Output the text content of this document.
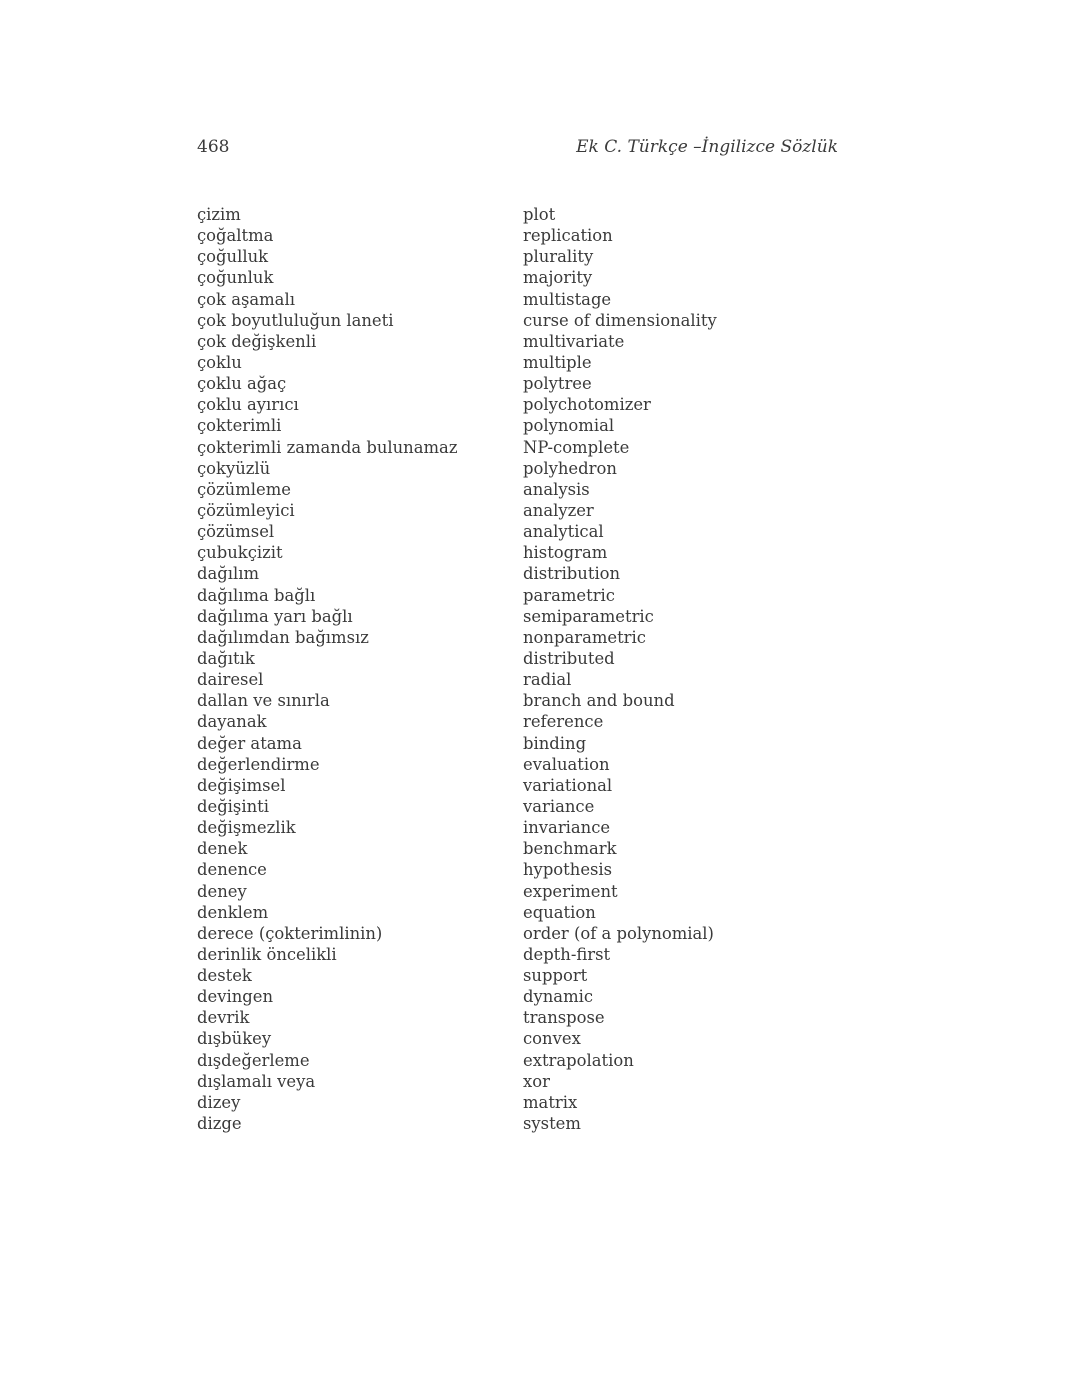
468	Ek C. Türkçe –İngilizce Sözlük
çizim	plot
çoğaltma	replication
çoğulluk	plurality
çoğunluk	majority
çok aşamalı	multistage
çok boyutluluğun laneti	curse of dimensionality
çok değişkenli	multivariate
çoklu	multiple
çoklu ağaç	polytree
çoklu ayırıcı	polychotomizer
çokterimli	polynomial
çokterimli zamanda bulunamaz	NP-complete
çokyüzlü	polyhedron
çözümleme	analysis
çözümleyici	analyzer
çözümsel	analytical
çubukçizit	histogram
dağılım	distribution
dağılıma bağlı	parametric
dağılıma yarı bağlı	semiparametric
dağılımdan bağımsız	nonparametric
dağıtık	distributed
dairesel	radial
dallan ve sınırla	branch and bound
dayanak	reference
değer atama	binding
değerlendirme	evaluation
değişimsel	variational
değişinti	variance
değişmezlik	invariance
denek	benchmark
denence	hypothesis
deney	experiment
denklem	equation
derece (çokterimlinin)	order (of a polynomial)
derinlik öncelikli	depth-first
destek	support
devingen	dynamic
devrik	transpose
dışbükey	convex
dışdeğerleme	extrapolation
dışlamalı veya	xor
dizey	matrix
dizge	system
